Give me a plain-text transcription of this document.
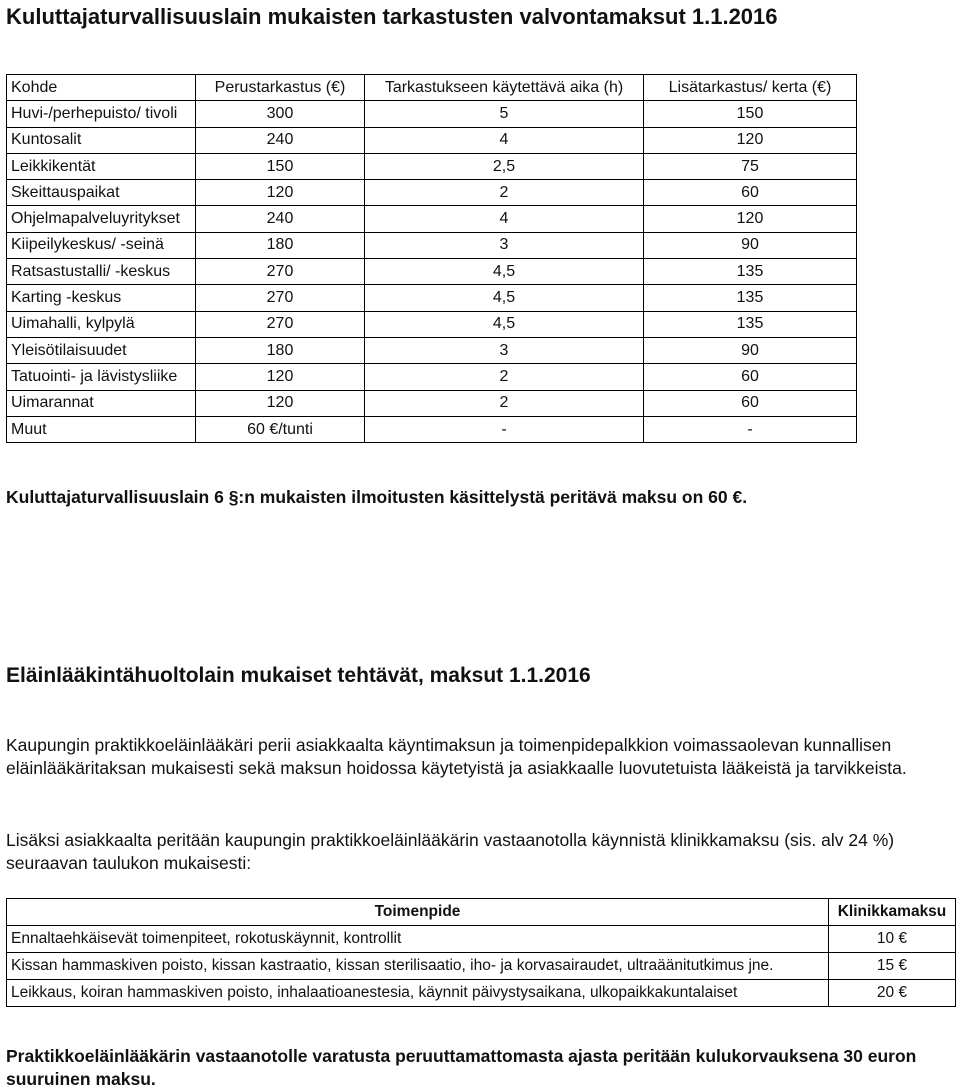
Kuluttajaturvallisuuslain mukaisten tarkastusten valvontamaksut 1.1.2016
Kohde	Perustarkastus (€)	Tarkastukseen käytettävä aika (h)	Lisätarkastus/ kerta (€)
Huvi-/perhepuisto/ tivoli	300	5	150
Kuntosalit	240	4	120
Leikkikentät	150	2,5	75
Skeittauspaikat	120	2	60
Ohjelmapalveluyritykset	240	4	120
Kiipeilykeskus/ -seinä	180	3	90
Ratsastustalli/ -keskus	270	4,5	135
Karting -keskus	270	4,5	135
Uimahalli, kylpylä	270	4,5	135
Yleisötilaisuudet	180	3	90
Tatuointi- ja lävistysliike	120	2	60
Uimarannat	120	2	60
Muut	60 €/tunti	-	-
Kuluttajaturvallisuuslain 6 §:n mukaisten ilmoitusten käsittelystä peritävä maksu on 60 €.
Eläinlääkintähuoltolain mukaiset tehtävät, maksut 1.1.2016
Kaupungin praktikkoeläinlääkäri perii asiakkaalta käyntimaksun ja toimenpidepalkkion voimassaolevan kunnallisen eläinlääkäritaksan mukaisesti sekä maksun hoidossa käytetyistä ja asiakkaalle luovutetuista lääkeistä ja tarvikkeista.
Lisäksi asiakkaalta peritään kaupungin praktikkoeläinlääkärin vastaanotolla käynnistä klinikkamaksu (sis. alv 24 %) seuraavan taulukon mukaisesti:
Toimenpide	Klinikkamaksu
Ennaltaehkäisevät toimenpiteet, rokotuskäynnit, kontrollit	10 €
Kissan hammaskiven poisto, kissan kastraatio, kissan sterilisaatio, iho- ja korvasairaudet, ultraäänitutkimus jne.	15 €
Leikkaus, koiran hammaskiven poisto, inhalaatioanestesia, käynnit päivystysaikana, ulkopaikkakuntalaiset	20 €
Praktikkoeläinlääkärin vastaanotolle varatusta peruuttamattomasta ajasta peritään kulukorvauksena 30 euron suuruinen maksu.
